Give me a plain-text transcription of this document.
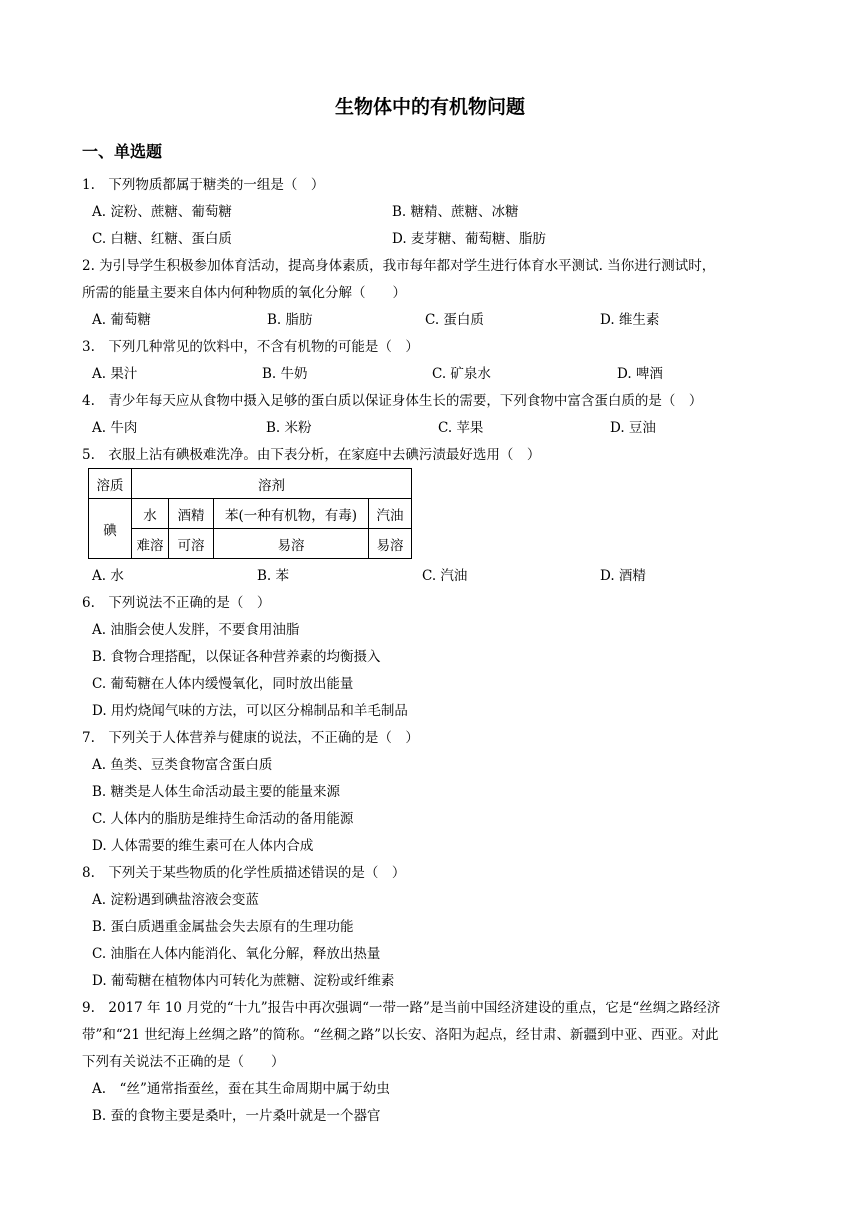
生物体中的有机物问题
一、单选题
1.　下列物质都属于糖类的一组是（　）
A. 淀粉、蔗糖、葡萄糖	B. 糖精、蔗糖、冰糖
C. 白糖、红糖、蛋白质	D. 麦芽糖、葡萄糖、脂肪
2. 为引导学生积极参加体育活动，提高身体素质，我市每年都对学生进行体育水平测试. 当你进行测试时，
所需的能量主要来自体内何种物质的氧化分解（　　）
A. 葡萄糖	B. 脂肪	C. 蛋白质	D. 维生素
3.　下列几种常见的饮料中，不含有机物的可能是（　）
A. 果汁	B. 牛奶	C. 矿泉水	D. 啤酒
4.　青少年每天应从食物中摄入足够的蛋白质以保证身体生长的需要，下列食物中富含蛋白质的是（　）
A. 牛肉	B. 米粉	C. 苹果	D. 豆油
5.　衣服上沾有碘极难洗净。由下表分析，在家庭中去碘污渍最好选用（　）
溶质	溶剂			
碘	水	酒精	苯(一种有机物，有毒)	汽油
	难溶	可溶	易溶	易溶
A. 水	B. 苯	C. 汽油	D. 酒精
6.　下列说法不正确的是（　）
A. 油脂会使人发胖，不要食用油脂
B. 食物合理搭配，以保证各种营养素的均衡摄入
C. 葡萄糖在人体内缓慢氧化，同时放出能量
D. 用灼烧闻气味的方法，可以区分棉制品和羊毛制品
7.　下列关于人体营养与健康的说法，不正确的是（　）
A. 鱼类、豆类食物富含蛋白质
B. 糖类是人体生命活动最主要的能量来源
C. 人体内的脂肪是维持生命活动的备用能源
D. 人体需要的维生素可在人体内合成
8.　下列关于某些物质的化学性质描述错误的是（　）
A. 淀粉遇到碘盐溶液会变蓝
B. 蛋白质遇重金属盐会失去原有的生理功能
C. 油脂在人体内能消化、氧化分解，释放出热量
D. 葡萄糖在植物体内可转化为蔗糖、淀粉或纤维素
9.　2017 年 10 月党的“十九”报告中再次强调“一带一路”是当前中国经济建设的重点，它是“丝绸之路经济
带”和“21 世纪海上丝绸之路”的简称。“丝稠之路”以长安、洛阳为起点，经甘肃、新疆到中亚、西亚。对此
下列有关说法不正确的是（　　）
A.　“丝”通常指蚕丝，蚕在其生命周期中属于幼虫
B. 蚕的食物主要是桑叶，一片桑叶就是一个器官
